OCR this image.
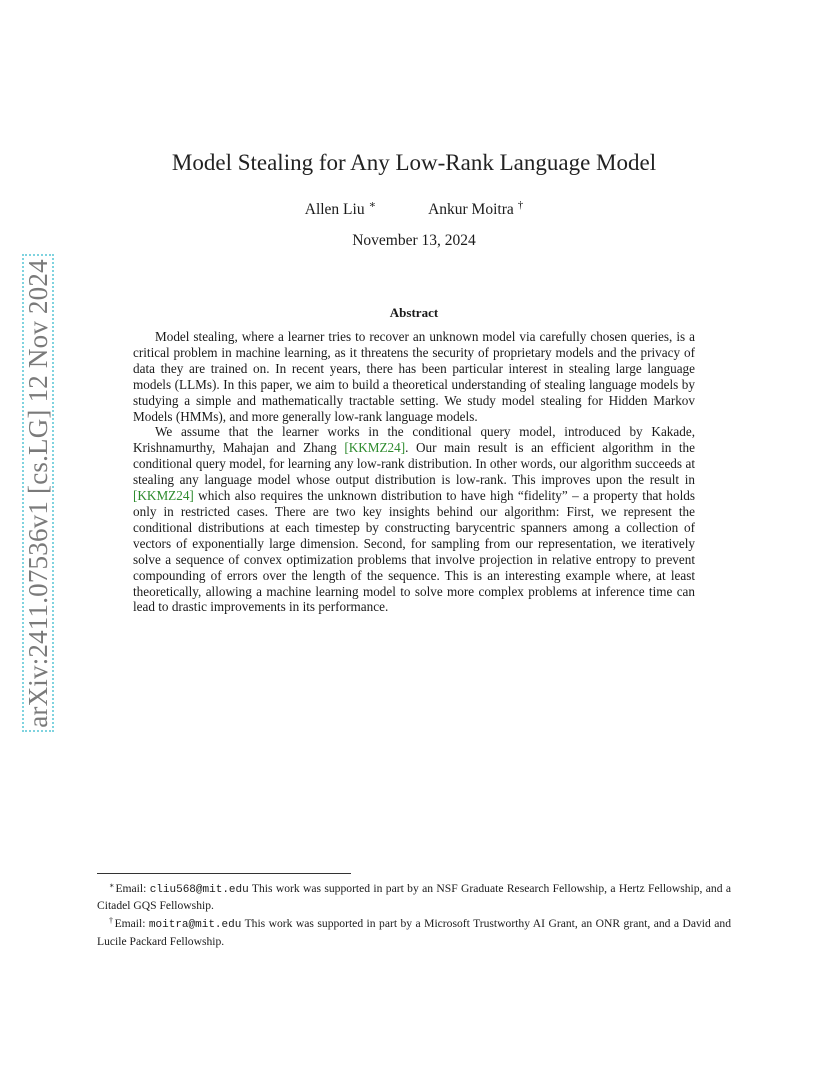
arXiv:2411.07536v1 [cs.LG] 12 Nov 2024
Model Stealing for Any Low-Rank Language Model
Allen Liu ∗	Ankur Moitra †
November 13, 2024
Abstract

Model stealing, where a learner tries to recover an unknown model via carefully chosen queries, is a critical problem in machine learning, as it threatens the security of proprietary models and the privacy of data they are trained on. In recent years, there has been particular interest in stealing large language models (LLMs). In this paper, we aim to build a theoretical understanding of stealing language models by studying a simple and mathematically tractable setting. We study model stealing for Hidden Markov Models (HMMs), and more generally low-rank language models.

We assume that the learner works in the conditional query model, introduced by Kakade, Krishnamurthy, Mahajan and Zhang [KKMZ24]. Our main result is an efficient algorithm in the conditional query model, for learning any low-rank distribution. In other words, our algorithm succeeds at stealing any language model whose output distribution is low-rank. This improves upon the result in [KKMZ24] which also requires the unknown distribution to have high “fidelity” – a property that holds only in restricted cases. There are two key insights behind our algorithm: First, we represent the conditional distributions at each timestep by constructing barycentric spanners among a collection of vectors of exponentially large dimension. Second, for sampling from our representation, we iteratively solve a sequence of convex optimization problems that involve projection in relative entropy to prevent compounding of errors over the length of the sequence. This is an interesting example where, at least theoretically, allowing a machine learning model to solve more complex problems at inference time can lead to drastic improvements in its performance.

∗Email: cliu568@mit.edu This work was supported in part by an NSF Graduate Research Fellowship, a Hertz Fellowship, and a Citadel GQS Fellowship.

†Email: moitra@mit.edu This work was supported in part by a Microsoft Trustworthy AI Grant, an ONR grant, and a David and Lucile Packard Fellowship.
